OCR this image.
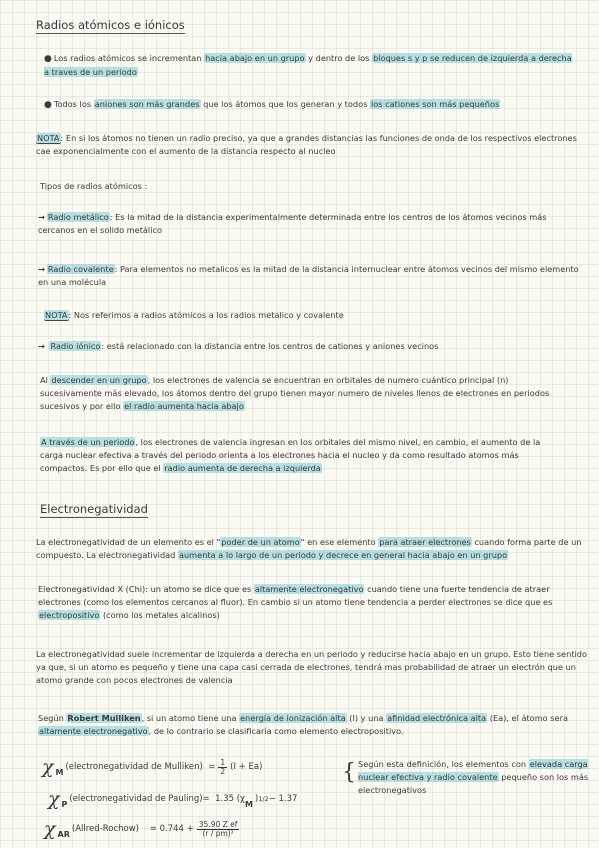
Radios atómicos e iónicos
● Los radios atómicos se incrementan hacia abajo en un grupo y dentro de los bloques s y p se reducen de izquierda a derecha a traves de un periodo
● Todos los aniones son más grandes que los átomos que los generan y todos los cationes son más pequeños
NOTA: En si los átomos no tienen un radio preciso, ya que a grandes distancias las funciones de onda de los respectivos electrones cae exponencialmente con el aumento de la distancia respecto al nucleo
Tipos de radios atómicos :
→ Radio metálico: Es la mitad de la distancia experimentalmente determinada entre los centros de los átomos vecinos más cercanos en el solido metálico
→ Radio covalente: Para elementos no metalicos es la mitad de la distancia internuclear entre átomos vecinos del mismo elemento en una molécula
NOTA: Nos referimos a radios atómicos a los radios metalico y covalente
→ Radio iónico: está relacionado con la distancia entre los centros de cationes y aniones vecinos
Al descender en un grupo, los electrones de valencia se encuentran en orbitales de numero cuántico principal (n) sucesivamente más elevado, los átomos dentro del grupo tienen mayor numero de niveles llenos de electrones en periodos sucesivos y por ello el radio aumenta hacia abajo
A través de un periodo, los electrones de valencia ingresan en los orbitales del mismo nivel, en cambio, el aumento de la carga nuclear efectiva a través del periodo orienta a los electrones hacia el nucleo y da como resultado atomos más compactos. Es por ello que el radio aumenta de derecha a izquierda
Electronegatividad
La electronegatividad de un elemento es el "poder de un atomo" en ese elemento para atraer electrones cuando forma parte de un compuesto. La electronegatividad aumenta a lo largo de un periodo y decrece en general hacia abajo en un grupo
Electronegatividad X (Chi): un atomo se dice que es altamente electronegativo cuando tiene una fuerte tendencia de atraer electrones (como los elementos cercanos al fluor). En cambio si un atomo tiene tendencia a perder electrones se dice que es electropositivo (como los metales alcalinos)
La electronegatividad suele incrementar de izquierda a derecha en un periodo y reducirse hacia abajo en un grupo. Esto tiene sentido ya que, si un atomo es pequeño y tiene una capa casi cerrada de electrones, tendrá mas probabilidad de atraer un electrón que un atomo grande con pocos electrones de valencia
Según Robert Mulliken, si un atomo tiene una energía de ionización alta (I) y una afinidad electrónica alta (Ea), el átomo sera altamente electronegativo, de lo contrario se clasificaría como elemento electropositivo.
χ M (electronegatividad de Mulliken)
= $\frac{1}{2} (I + Ea)$
χ P (electronegatividad de Pauling)=
1.35 (χ M ) 1/2 − 1.37
χ AR (Allred-Rochow)
= $0.744 + \frac{\text{35.90 Z ef}}{\text{(r / pm)²}}$
{ Según esta definición, los elementos con elevada carga nuclear efectiva y radio covalente pequeño son los más electronegativos
